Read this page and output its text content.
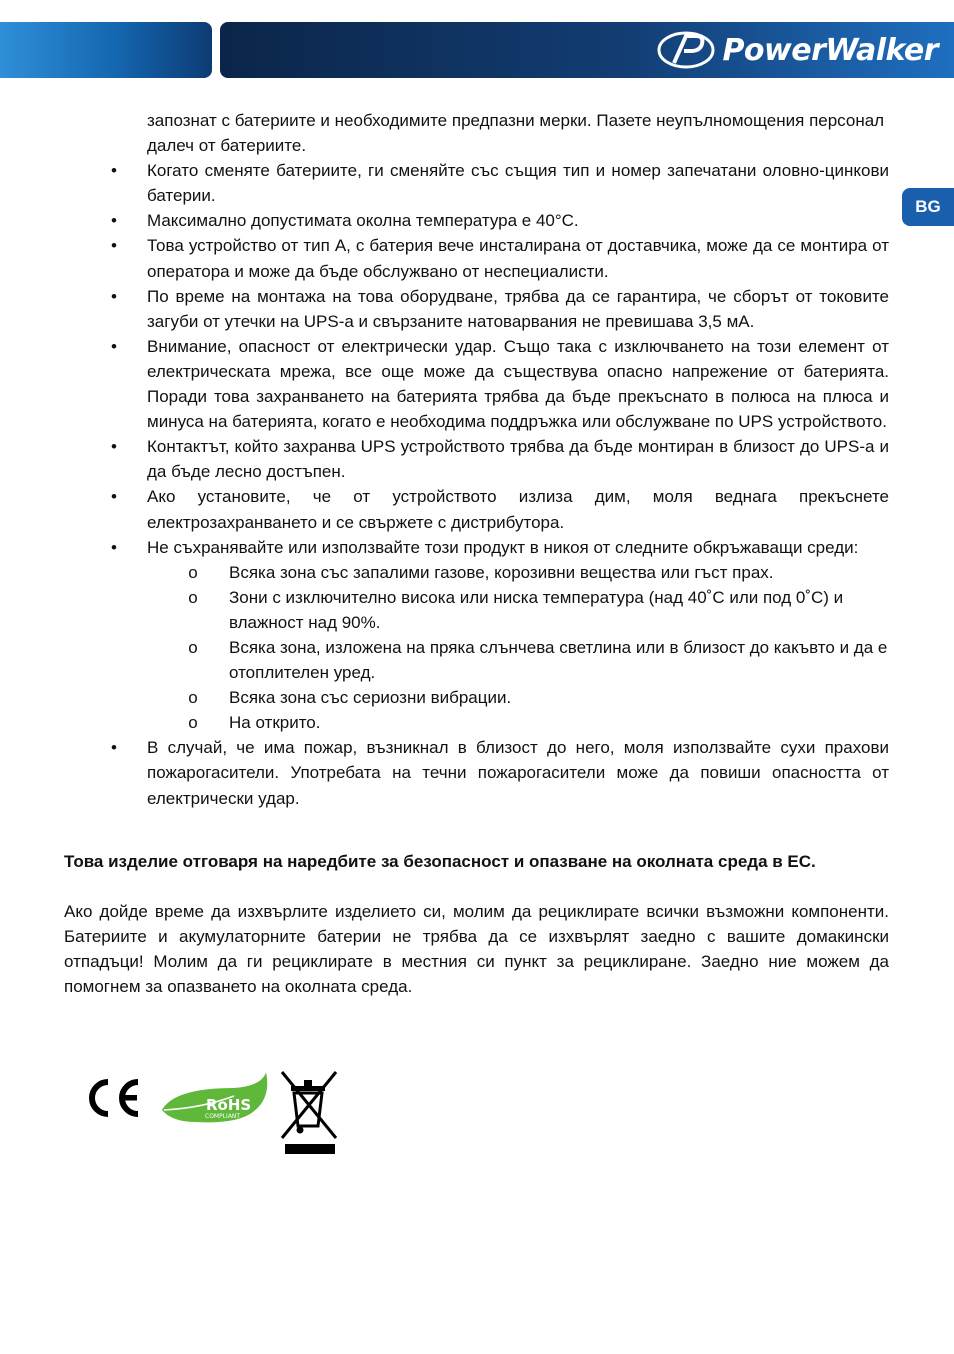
PowerWalker
BG
запознат с батериите и необходимите предпазни мерки. Пазете неупълномощения персонал далеч от батериите.
•	Когато сменяте батериите, ги сменяйте със същия тип и номер запечатани оловно-цинкови батерии.
•	Максимално допустимата околна температура е 40°C.
•	Това устройство от тип А, с батерия вече инсталирана от доставчика, може да се монтира от оператора и може да бъде обслужвано от неспециалисти.
•	По време на монтажа на това оборудване, трябва да се гарантира, че сборът от токовите загуби от утечки на UPS-а и свързаните натоварвания не превишава 3,5 мА.
•	Внимание, опасност от електрически удар. Също така с изключването на този елемент от електрическата мрежа, все още може да съществува опасно напрежение от батерията. Поради това захранването на батерията трябва да бъде прекъснато в полюса на плюса и минуса на батерията, когато е необходима поддръжка или обслужване по UPS устройството.
•	Контактът, който захранва UPS устройството трябва да бъде монтиран в близост до UPS-а и да бъде лесно достъпен.
•	Ако установите, че от устройството излиза дим, моля веднага прекъснете електрозахранването и се свържете с дистрибутора.
•	Не съхранявайте или използвайте този продукт в никоя от следните обкръжаващи среди:
o Всяка зона със запалими газове, корозивни вещества или гъст прах.
o Зони с изключително висока или ниска температура (над 40˚C или под 0˚C) и влажност над 90%.
o Всяка зона, изложена на пряка слънчева светлина или в близост до какъвто и да е отоплителен уред.
o Всяка зона със сериозни вибрации.
o На открито.
•	В случай, че има пожар, възникнал в близост до него, моля използвайте сухи прахови пожарогасители. Употребата на течни пожарогасители може да повиши опасността от електрически удар.
Това изделие отговаря на наредбите за безопасност и опазване на околната среда в ЕС.
Ако дойде време да изхвърлите изделието си, молим да рециклирате всички възможни компоненти. Батериите и акумулаторните батерии не трябва да се изхвърлят заедно с вашите домакински отпадъци! Молим да ги рециклирате в местния си пункт за рециклиране. Заедно ние можем да помогнем за опазването на околната среда.
RoHS
COMPLIANT
